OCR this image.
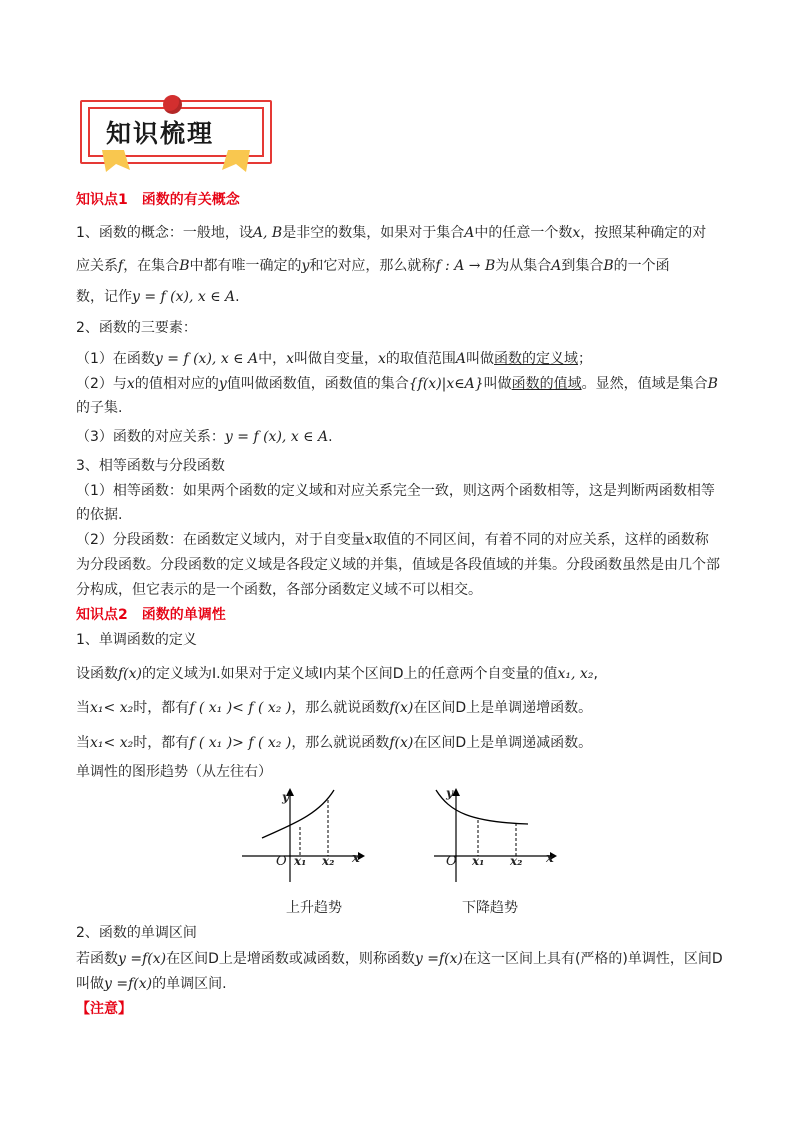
知识梳理
知识点1　函数的有关概念
1、函数的概念：一般地，设A, B是非空的数集，如果对于集合A中的任意一个数x，按照某种确定的对
应关系f，在集合B中都有唯一确定的y和它对应，那么就称f : A → B为从集合A到集合B的一个函
数，记作y = f (x), x ∈ A.
2、函数的三要素：
（1）在函数y = f (x), x ∈ A中，x叫做自变量，x的取值范围A叫做函数的定义域；
（2）与x的值相对应的y值叫做函数值，函数值的集合{f(x)|x∈A}叫做函数的值域。显然，值域是集合B
的子集.
（3）函数的对应关系：y = f (x), x ∈ A.
3、相等函数与分段函数
（1）相等函数：如果两个函数的定义域和对应关系完全一致，则这两个函数相等，这是判断两函数相等
的依据.
（2）分段函数：在函数定义域内，对于自变量x取值的不同区间，有着不同的对应关系，这样的函数称
为分段函数。分段函数的定义域是各段定义域的并集，值域是各段值域的并集。分段函数虽然是由几个部
分构成，但它表示的是一个函数，各部分函数定义域不可以相交。
知识点2　函数的单调性
1、单调函数的定义
设函数f(x)的定义域为I.如果对于定义域I内某个区间D上的任意两个自变量的值x₁, x₂,
当x₁< x₂时，都有f ( x₁ )< f ( x₂ )，那么就说函数f(x)在区间D上是单调递增函数。
当x₁< x₂时，都有f ( x₁ )> f ( x₂ )，那么就说函数f(x)在区间D上是单调递减函数。
单调性的图形趋势（从左往右）
y
x
O x₁ x₂
上升趋势
y
x
O x₁ x₂
下降趋势
2、函数的单调区间
若函数y =f(x)在区间D上是增函数或减函数，则称函数y =f(x)在这一区间上具有(严格的)单调性，区间D
叫做y =f(x)的单调区间.
【注意】
